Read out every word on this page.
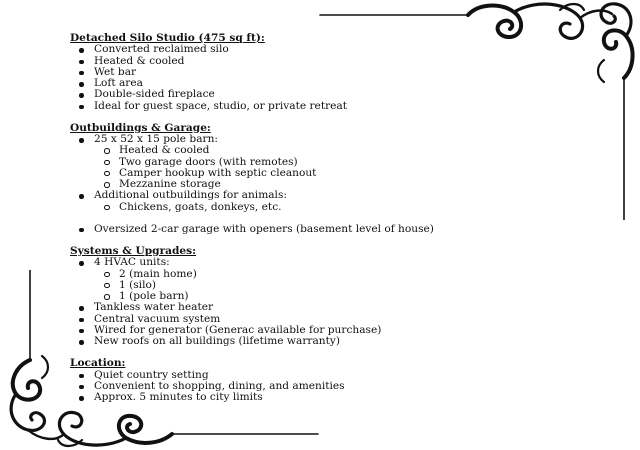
Detached Silo Studio (475 sq ft):

Converted reclaimed silo
Heated & cooled
Wet bar
Loft area
Double-sided fireplace
Ideal for guest space, studio, or private retreat

Outbuildings & Garage:

25 x 52 x 15 pole barn:
Heated & cooled
Two garage doors (with remotes)
Camper hookup with septic cleanout
Mezzanine storage
Additional outbuildings for animals:
Chickens, goats, donkeys, etc.
Oversized 2-car garage with openers (basement level of house)

Systems & Upgrades:

4 HVAC units:
2 (main home)
1 (silo)
1 (pole barn)
Tankless water heater
Central vacuum system
Wired for generator (Generac available for purchase)
New roofs on all buildings (lifetime warranty)

Location:

Quiet country setting
Convenient to shopping, dining, and amenities
Approx. 5 minutes to city limits
